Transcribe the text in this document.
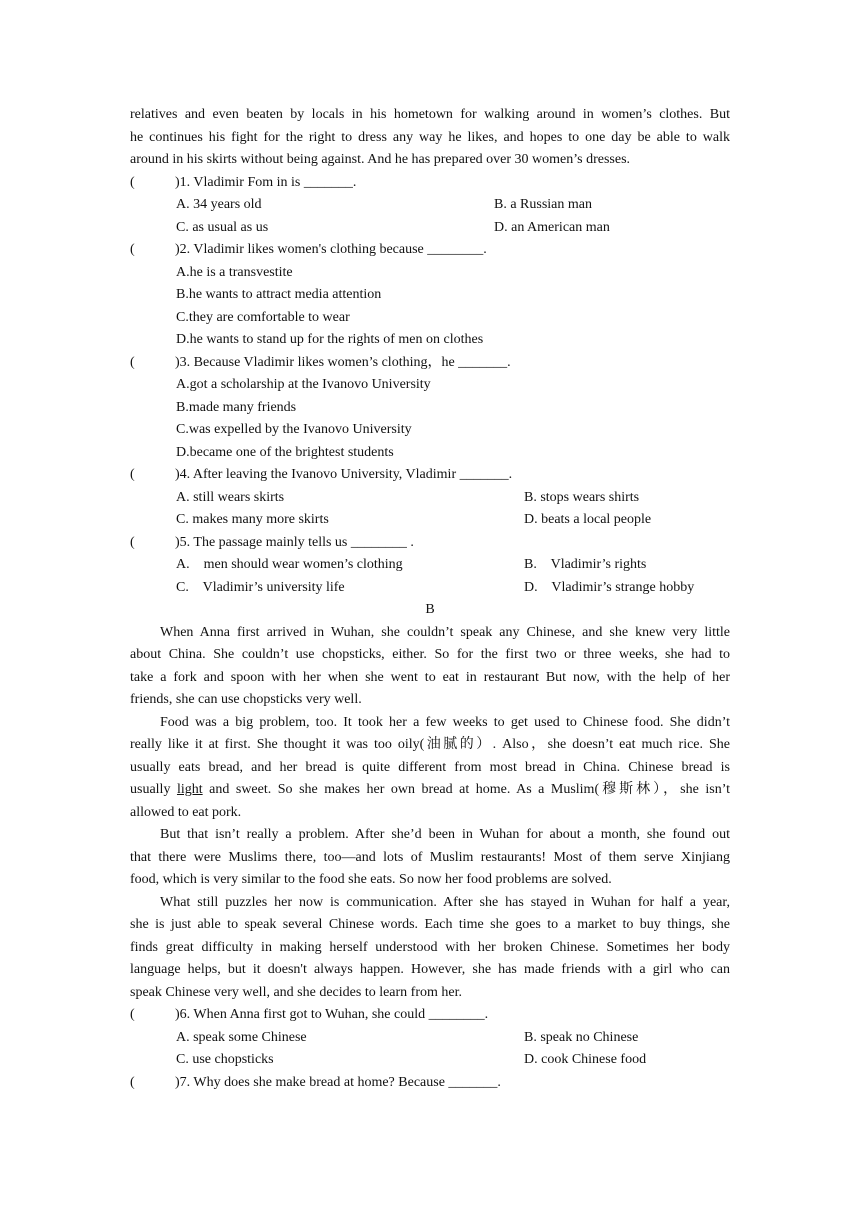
relatives and even beaten by locals in his hometown for walking around in women’s clothes. But
he continues his fight for the right to dress any way he likes, and hopes to one day be able to walk
around in his skirts without being against. And he has prepared over 30 women’s dresses.
(	)1. Vladimir Fom in is _______.
A. 34 years old	B. a Russian man
C. as usual as us	D. an American man
(	)2. Vladimir likes women's clothing because ________.
A.he is a transvestite
B.he wants to attract media attention
C.they are comfortable to wear
D.he wants to stand up for the rights of men on clothes
(	)3. Because Vladimir likes women’s clothing，he _______.
A.got a scholarship at the Ivanovo University
B.made many friends
C.was expelled by the Ivanovo University
D.became one of the brightest students
(	)4. After leaving the Ivanovo University, Vladimir _______.
A. still wears skirts	B. stops wears shirts
C. makes many more skirts	D. beats a local people
(	)5. The passage mainly tells us ________ .
A.    men should wear women’s clothing	B.    Vladimir’s rights
C.    Vladimir’s university life	D.    Vladimir’s strange hobby
B
When Anna first arrived in Wuhan, she couldn’t speak any Chinese, and she knew very little
about China. She couldn’t use chopsticks, either. So for the first two or three weeks, she had to
take a fork and spoon with her when she went to eat in restaurant But now, with the help of her
friends, she can use chopsticks very well.
Food was a big problem, too. It took her a few weeks to get used to Chinese food. She didn’t
really like it at first. She thought it was too oily(油腻的）. Also，she doesn’t eat much rice. She
usually eats bread, and her bread is quite different from most bread in China. Chinese bread is
usually light and sweet. So she makes her own bread at home. As a Muslim(穆斯林），she isn’t
allowed to eat pork.
But that isn’t really a problem. After she’d been in Wuhan for about a month, she found out
that there were Muslims there, too—and lots of Muslim restaurants! Most of them serve Xinjiang
food, which is very similar to the food she eats. So now her food problems are solved.
What still puzzles her now is communication. After she has stayed in Wuhan for half a year,
she is just able to speak several Chinese words. Each time she goes to a market to buy things, she
finds great difficulty in making herself understood with her broken Chinese. Sometimes her body
language helps, but it doesn't always happen. However, she has made friends with a girl who can
speak Chinese very well, and she decides to learn from her.
(	)6. When Anna first got to Wuhan, she could ________.
A. speak some Chinese	B. speak no Chinese
C. use chopsticks	D. cook Chinese food
(	)7. Why does she make bread at home? Because _______.
